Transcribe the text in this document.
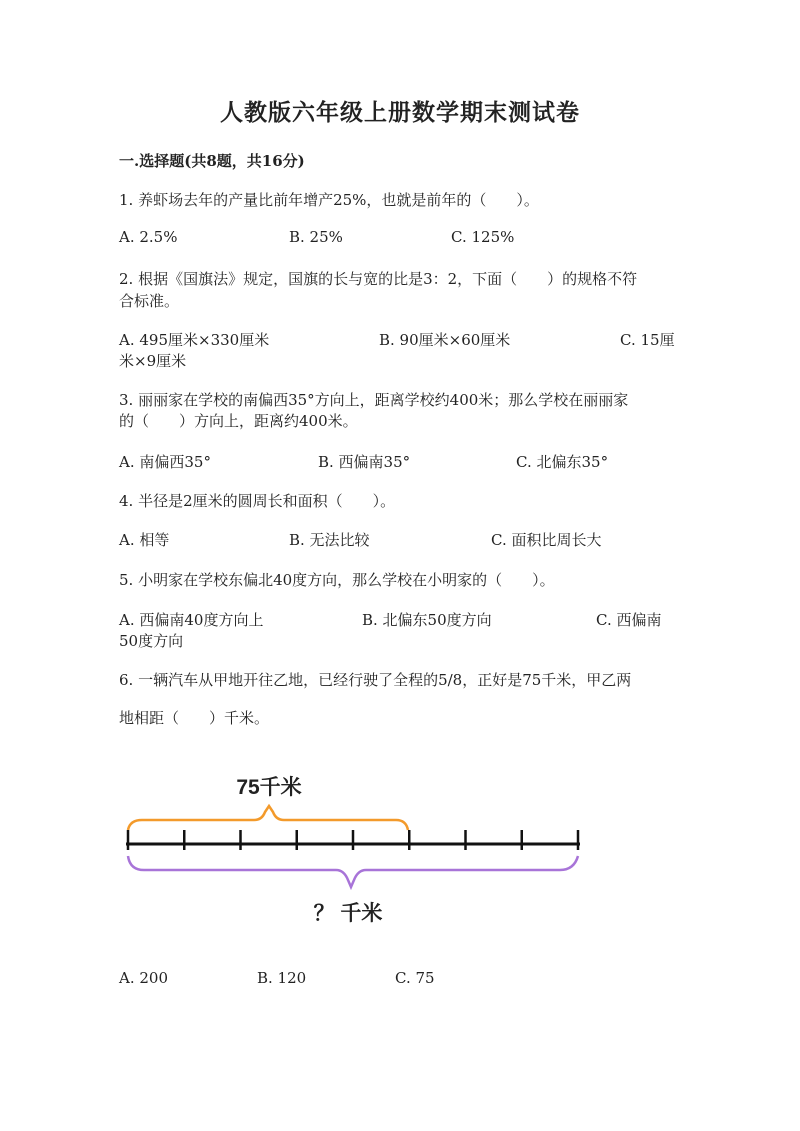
人教版六年级上册数学期末测试卷
一.选择题(共8题，共16分)
1. 养虾场去年的产量比前年增产25%，也就是前年的（　　）。
A. 2.5%	B. 25%	C. 125%
2. 根据《国旗法》规定，国旗的长与宽的比是3：2，下面（　　）的规格不符
合标准。
A. 495厘米×330厘米	B. 90厘米×60厘米	C. 15厘
米×9厘米
3. 丽丽家在学校的南偏西35°方向上，距离学校约400米；那么学校在丽丽家
的（　　）方向上，距离约400米。
A. 南偏西35°	B. 西偏南35°	C. 北偏东35°
4. 半径是2厘米的圆周长和面积（　　）。
A. 相等	B. 无法比较	C. 面积比周长大
5. 小明家在学校东偏北40度方向，那么学校在小明家的（　　）。
A. 西偏南40度方向上	B. 北偏东50度方向	C. 西偏南
50度方向
6. 一辆汽车从甲地开往乙地，已经行驶了全程的5/8，正好是75千米，甲乙两
地相距（　　）千米。
75千米
？ 千米
A. 200	B. 120	C. 75
